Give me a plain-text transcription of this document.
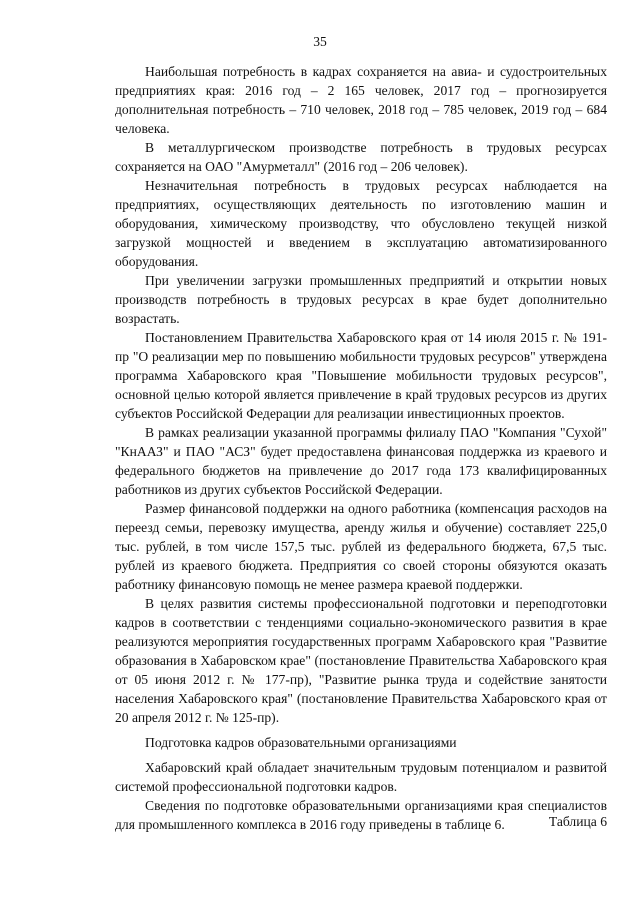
35

Наибольшая потребность в кадрах сохраняется на авиа- и судостроительных предприятиях края: 2016 год – 2 165 человек, 2017 год – прогнозируется дополнительная потребность – 710 человек, 2018 год – 785 человек, 2019 год – 684 человека.

В металлургическом производстве потребность в трудовых ресурсах сохраняется на ОАО "Амурметалл" (2016 год – 206 человек).

Незначительная потребность в трудовых ресурсах наблюдается на предприятиях, осуществляющих деятельность по изготовлению машин и оборудования, химическому производству, что обусловлено текущей низкой загрузкой мощностей и введением в эксплуатацию автоматизированного оборудования.

При увеличении загрузки промышленных предприятий и открытии новых производств потребность в трудовых ресурсах в крае будет дополнительно возрастать.

Постановлением Правительства Хабаровского края от 14 июля 2015 г. № 191-пр "О реализации мер по повышению мобильности трудовых ресурсов" утверждена программа Хабаровского края "Повышение мобильности трудовых ресурсов", основной целью которой является привлечение в край трудовых ресурсов из других субъектов Российской Федерации для реализации инвестиционных проектов.

В рамках реализации указанной программы филиалу ПАО "Компания "Сухой" "КнААЗ" и ПАО "АСЗ" будет предоставлена финансовая поддержка из краевого и федерального бюджетов на привлечение до 2017 года 173 квалифицированных работников из других субъектов Российской Федерации.

Размер финансовой поддержки на одного работника (компенсация расходов на переезд семьи, перевозку имущества, аренду жилья и обучение) составляет 225,0 тыс. рублей, в том числе 157,5 тыс. рублей из федерального бюджета, 67,5 тыс. рублей из краевого бюджета. Предприятия со своей стороны обязуются оказать работнику финансовую помощь не менее размера краевой поддержки.

В целях развития системы профессиональной подготовки и переподготовки кадров в соответствии с тенденциями социально-экономического развития в крае реализуются мероприятия государственных программ Хабаровского края "Развитие образования в Хабаровском крае" (постановление Правительства Хабаровского края от 05 июня 2012 г. № 177-пр), "Развитие рынка труда и содействие занятости населения Хабаровского края" (постановление Правительства Хабаровского края от 20 апреля 2012 г. № 125-пр).

Подготовка кадров образовательными организациями

Хабаровский край обладает значительным трудовым потенциалом и развитой системой профессиональной подготовки кадров.

Сведения по подготовке образовательными организациями края специалистов для промышленного комплекса в 2016 году приведены в таблице 6.	Таблица 6
